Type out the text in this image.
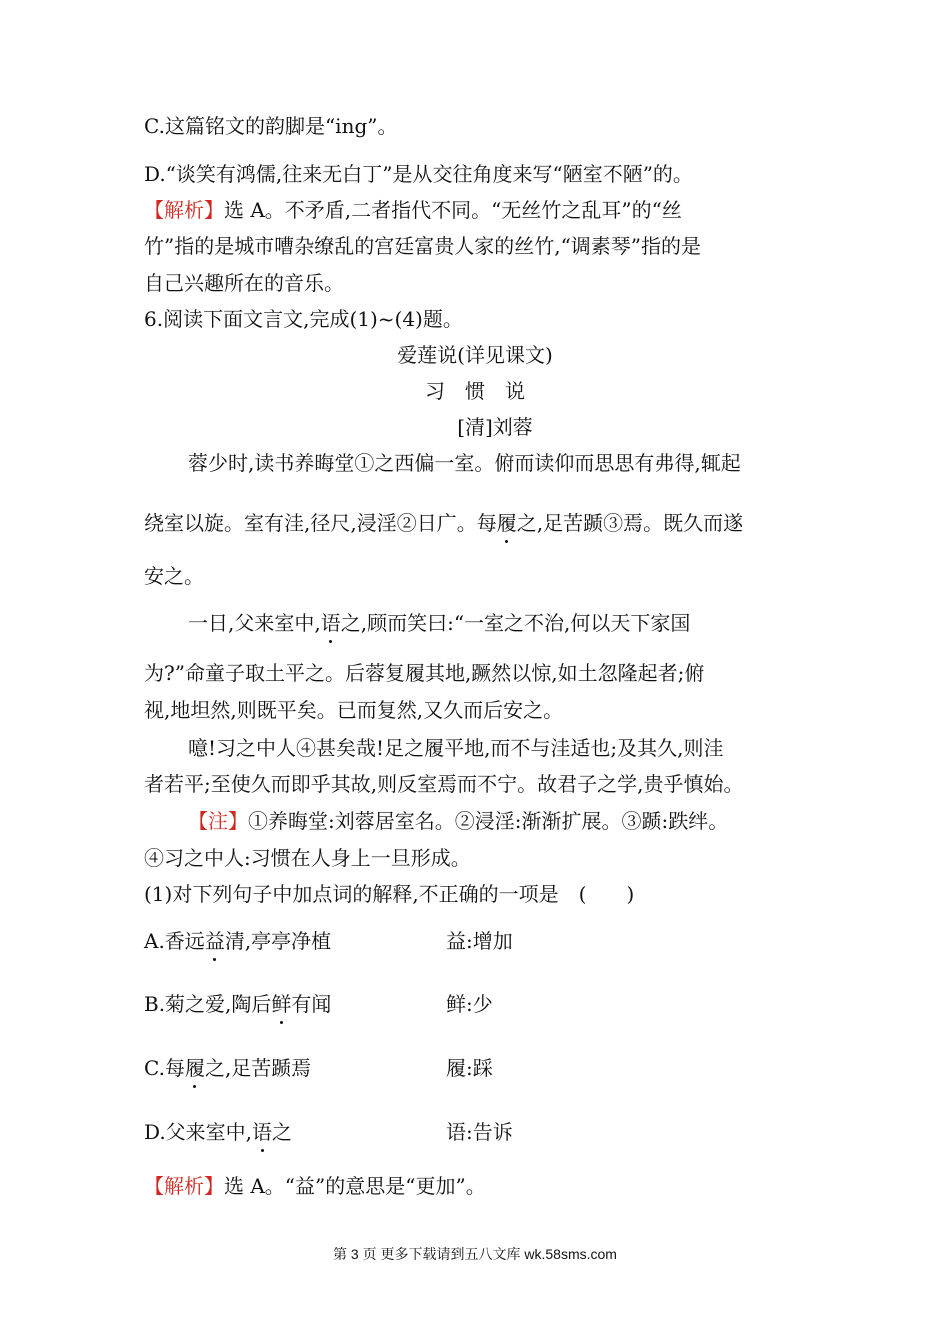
C.这篇铭文的韵脚是“ing”。
D.“谈笑有鸿儒,往来无白丁”是从交往角度来写“陋室不陋”的。
【解析】选 A。不矛盾,二者指代不同。“无丝竹之乱耳”的“丝
竹”指的是城市嘈杂缭乱的宫廷富贵人家的丝竹,“调素琴”指的是
自己兴趣所在的音乐。
6.阅读下面文言文,完成(1)~(4)题。
爱莲说(详见课文)
习　惯　说
[清]刘蓉
蓉少时,读书养晦堂①之西偏一室。俯而读仰而思思有弗得,辄起
绕室以旋。室有洼,径尺,浸淫②日广。每履之,足苦踬③焉。既久而遂
安之。
一日,父来室中,语之,顾而笑曰:“一室之不治,何以天下家国
为?”命童子取土平之。后蓉复履其地,蹶然以惊,如土忽隆起者;俯
视,地坦然,则既平矣。已而复然,又久而后安之。
噫!习之中人④甚矣哉!足之履平地,而不与洼适也;及其久,则洼
者若平;至使久而即乎其故,则反室焉而不宁。故君子之学,贵乎慎始。
【注】①养晦堂:刘蓉居室名。②浸淫:渐渐扩展。③踬:跌绊。
④习之中人:习惯在人身上一旦形成。
(1)对下列句子中加点词的解释,不正确的一项是　(　　)
A.香远益清,亭亭净植	益:增加
B.菊之爱,陶后鲜有闻	鲜:少
C.每履之,足苦踬焉	履:踩
D.父来室中,语之	语:告诉
【解析】选 A。“益”的意思是“更加”。
第 3 页 更多下载请到五八文库 wk.58sms.com
